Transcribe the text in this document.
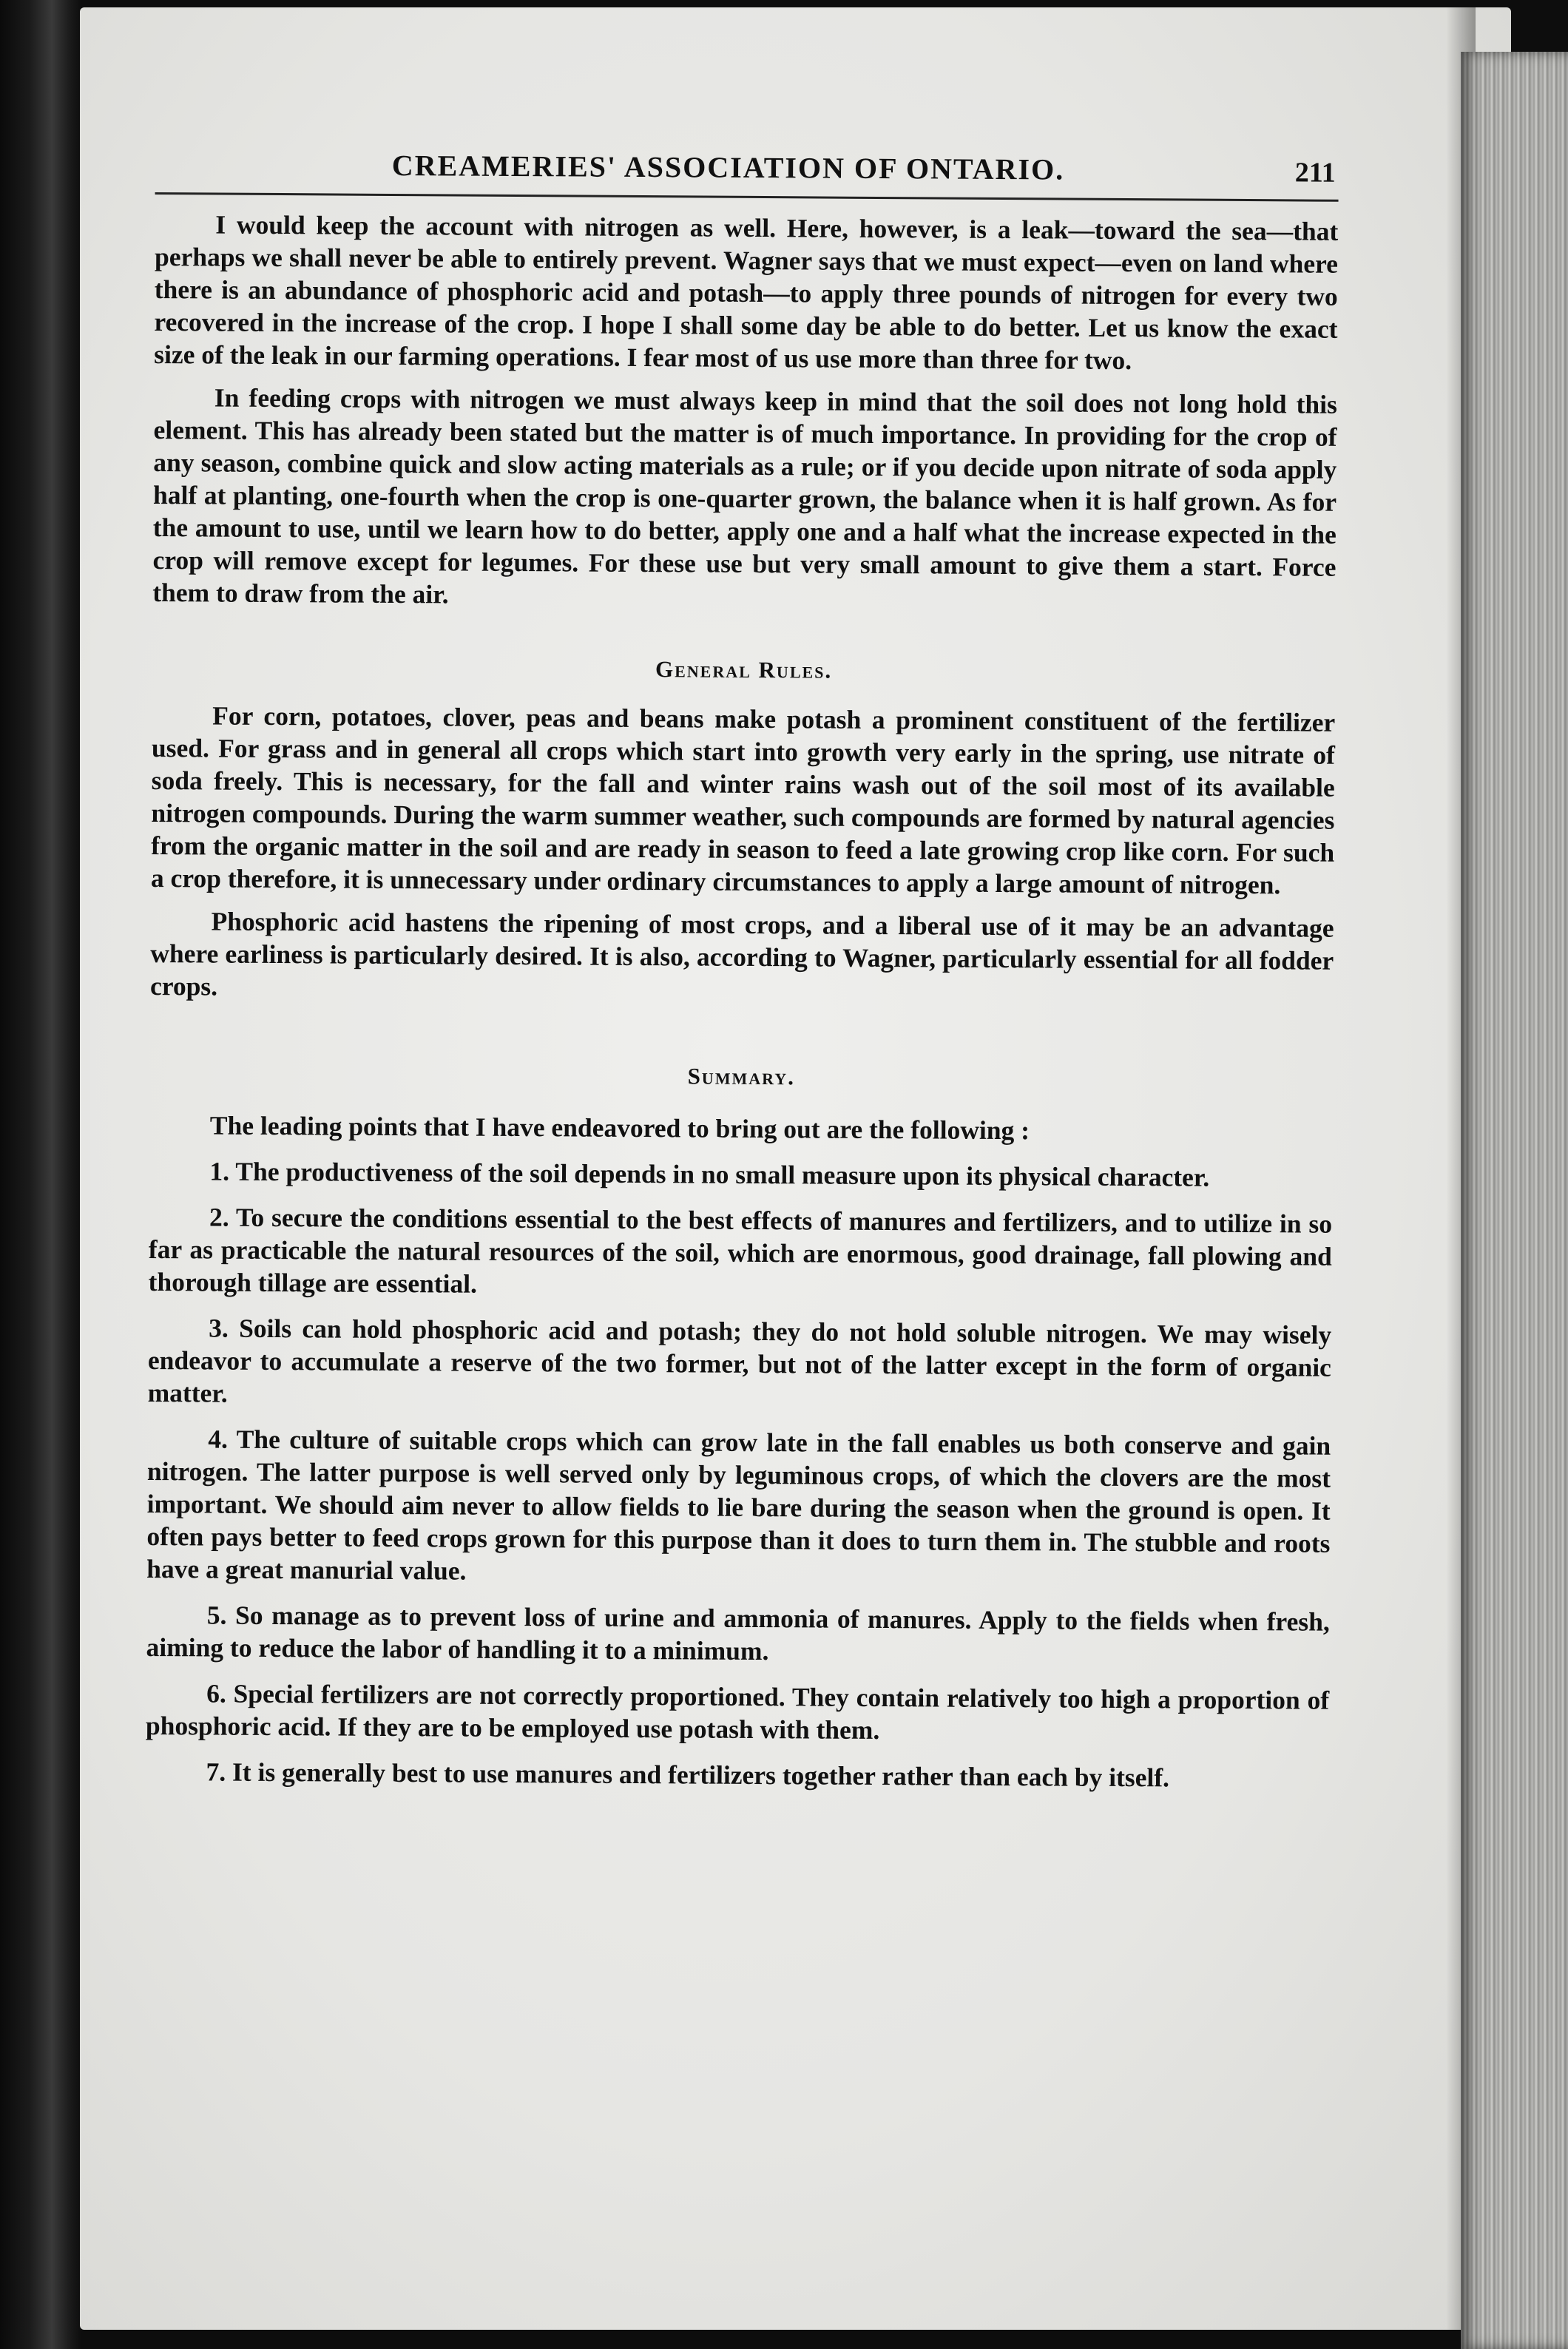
CREAMERIES' ASSOCIATION OF ONTARIO.	211

I would keep the account with nitrogen as well. Here, however, is a leak—toward the sea—that perhaps we shall never be able to entirely prevent. Wagner says that we must expect—even on land where there is an abundance of phosphoric acid and potash—to apply three pounds of nitrogen for every two recovered in the increase of the crop. I hope I shall some day be able to do better. Let us know the exact size of the leak in our farming operations. I fear most of us use more than three for two.

In feeding crops with nitrogen we must always keep in mind that the soil does not long hold this element. This has already been stated but the matter is of much importance. In providing for the crop of any season, combine quick and slow acting materials as a rule; or if you decide upon nitrate of soda apply half at planting, one-fourth when the crop is one-quarter grown, the balance when it is half grown. As for the amount to use, until we learn how to do better, apply one and a half what the increase expected in the crop will remove except for legumes. For these use but very small amount to give them a start. Force them to draw from the air.

General Rules.

For corn, potatoes, clover, peas and beans make potash a prominent constituent of the fertilizer used. For grass and in general all crops which start into growth very early in the spring, use nitrate of soda freely. This is necessary, for the fall and winter rains wash out of the soil most of its available nitrogen compounds. During the warm summer weather, such compounds are formed by natural agencies from the organic matter in the soil and are ready in season to feed a late growing crop like corn. For such a crop therefore, it is unnecessary under ordinary circumstances to apply a large amount of nitrogen.

Phosphoric acid hastens the ripening of most crops, and a liberal use of it may be an advantage where earliness is particularly desired. It is also, according to Wagner, particularly essential for all fodder crops.

Summary.

The leading points that I have endeavored to bring out are the following :

1. The productiveness of the soil depends in no small measure upon its physical character.

2. To secure the conditions essential to the best effects of manures and fertilizers, and to utilize in so far as practicable the natural resources of the soil, which are enormous, good drainage, fall plowing and thorough tillage are essential.

3. Soils can hold phosphoric acid and potash; they do not hold soluble nitrogen. We may wisely endeavor to accumulate a reserve of the two former, but not of the latter except in the form of organic matter.

4. The culture of suitable crops which can grow late in the fall enables us both conserve and gain nitrogen. The latter purpose is well served only by leguminous crops, of which the clovers are the most important. We should aim never to allow fields to lie bare during the season when the ground is open. It often pays better to feed crops grown for this purpose than it does to turn them in. The stubble and roots have a great manurial value.

5. So manage as to prevent loss of urine and ammonia of manures. Apply to the fields when fresh, aiming to reduce the labor of handling it to a minimum.

6. Special fertilizers are not correctly proportioned. They contain relatively too high a proportion of phosphoric acid. If they are to be employed use potash with them.

7. It is generally best to use manures and fertilizers together rather than each by itself.
